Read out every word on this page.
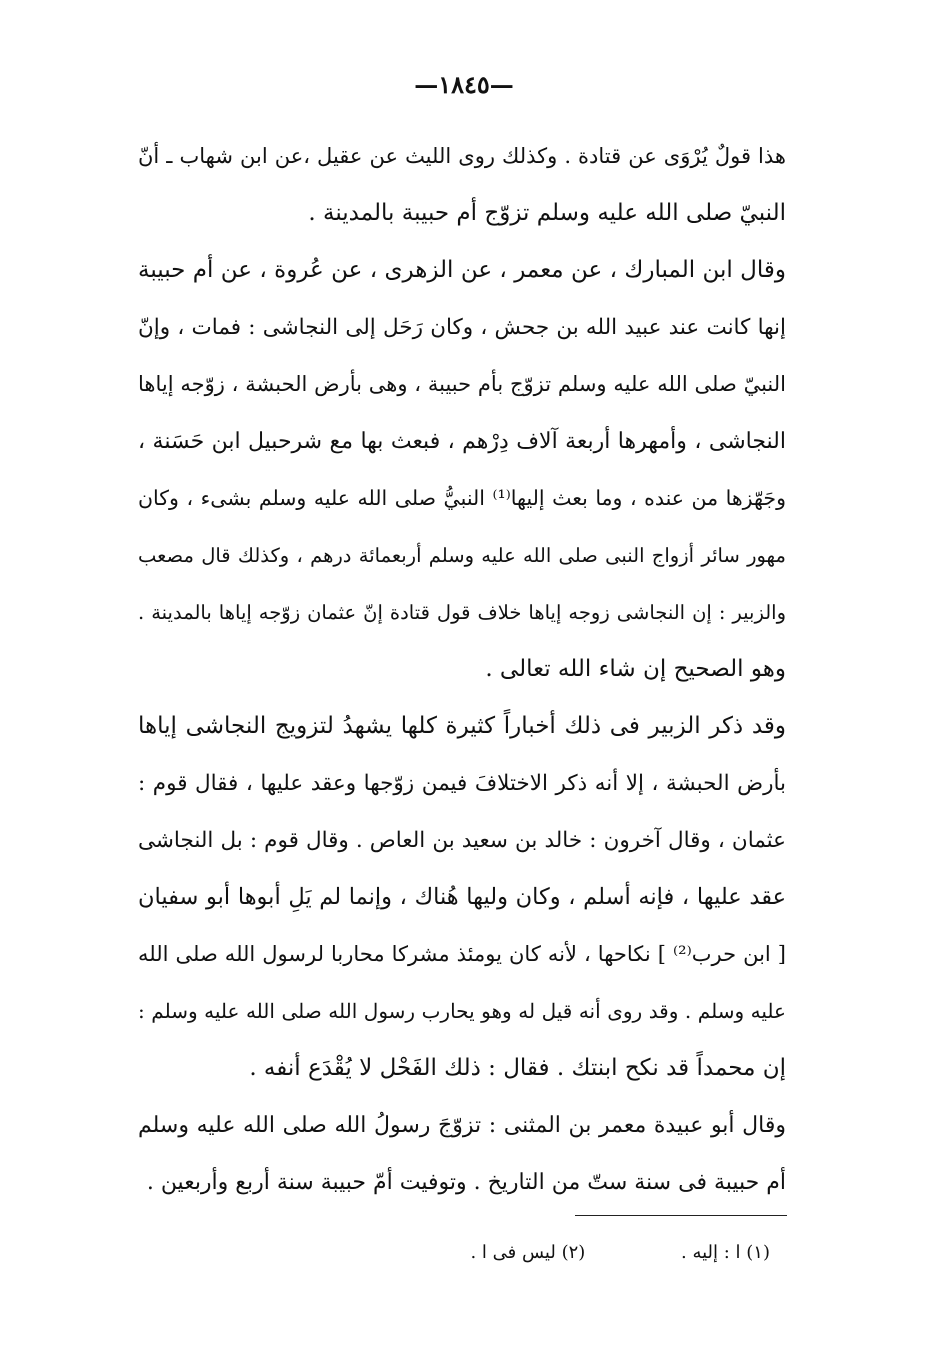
—١٨٤٥—
هذا قولٌ يُرْوَى عن قتادة . وكذلك روى الليث عن عقيل ،عن ابن شهاب ـ أنّ
النبيّ صلى الله عليه وسلم تزوّج أم حبيبة بالمدينة .
وقال ابن المبارك ، عن معمر ، عن الزهرى ، عن عُروة ، عن أم حبيبة
إنها كانت عند عبيد الله بن جحش ، وكان رَحَل إلى النجاشى : فمات ، وإنّ
النبيّ صلى الله عليه وسلم تزوّج بأم حبيبة ، وهى بأرض الحبشة ، زوّجه إياها
النجاشى ، وأمهرها أربعة آلاف دِرْهم ، فبعث بها مع شرحبيل ابن حَسَنة ،
وجَهّزها من عنده ، وما بعث إليها⁽¹⁾ النبيُّ صلى الله عليه وسلم بشىء ، وكان
مهور سائر أزواج النبى صلى الله عليه وسلم أربعمائة درهم ، وكذلك قال مصعب
والزبير : إن النجاشى زوجه إياها خلاف قول قتادة إنّ عثمان زوّجه إياها بالمدينة .
وهو الصحيح إن شاء الله تعالى .
وقد ذكر الزبير فى ذلك أخباراً كثيرة كلها يشهدُ لتزويج النجاشى إياها
بأرض الحبشة ، إلا أنه ذكر الاختلافَ فيمن زوّجها وعقد عليها ، فقال قوم :
عثمان ، وقال آخرون : خالد بن سعيد بن العاص . وقال قوم : بل النجاشى
عقد عليها ، فإنه أسلم ، وكان وليها هُناك ، وإنما لم يَلِ أبوها أبو سفيان
[ ابن حرب⁽²⁾ ] نكاحها ، لأنه كان يومئذ مشركا محاربا لرسول الله صلى الله
عليه وسلم . وقد روى أنه قيل له وهو يحارب رسول الله صلى الله عليه وسلم :
إن محمداً قد نكح ابنتك . فقال : ذلك الفَحْل لا يُقْدَع أنفه .
وقال أبو عبيدة معمر بن المثنى : تزوّجَ رسولُ الله صلى الله عليه وسلم
أم حبيبة فى سنة ستّ من التاريخ . وتوفيت أمّ حبيبة سنة أربع وأربعين .
(١) ا : إليه . (٢) ليس فى ا .
